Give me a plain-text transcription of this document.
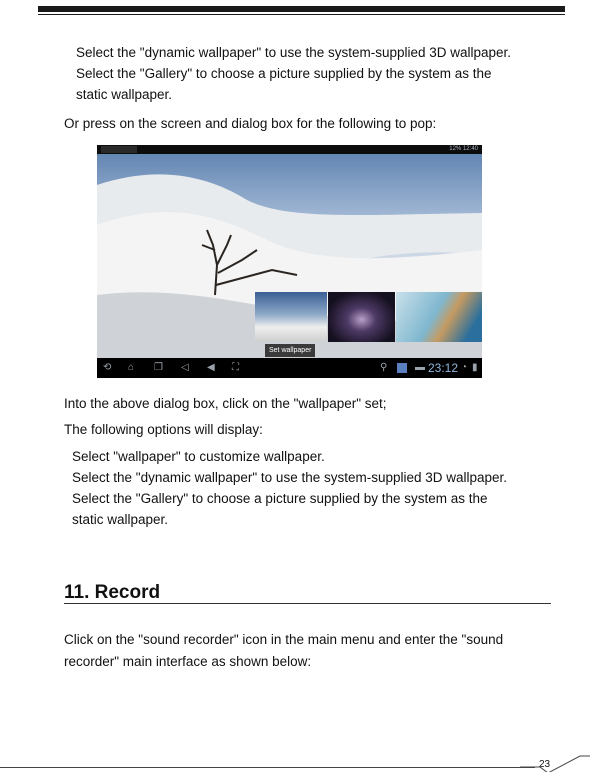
Select the "dynamic wallpaper" to use the system-supplied 3D wallpaper.
Select the "Gallery" to choose a picture supplied by the system as the
static wallpaper.
Or press on the screen and dialog box for the following to pop:
12% 12:40
Set wallpaper
⟲ ⌂ ❐ ◁ ◀ ⛶	⚲	▬ 23:12 ◔ ▮
Into the above dialog box, click on the "wallpaper" set;
The following options will display:
Select "wallpaper" to customize wallpaper.
Select the "dynamic wallpaper" to use the system-supplied 3D wallpaper.
Select the "Gallery" to choose a picture supplied by the system as the
static wallpaper.
11. Record
Click on the "sound recorder" icon in the main menu and enter the "sound
recorder" main interface as shown below:
23
